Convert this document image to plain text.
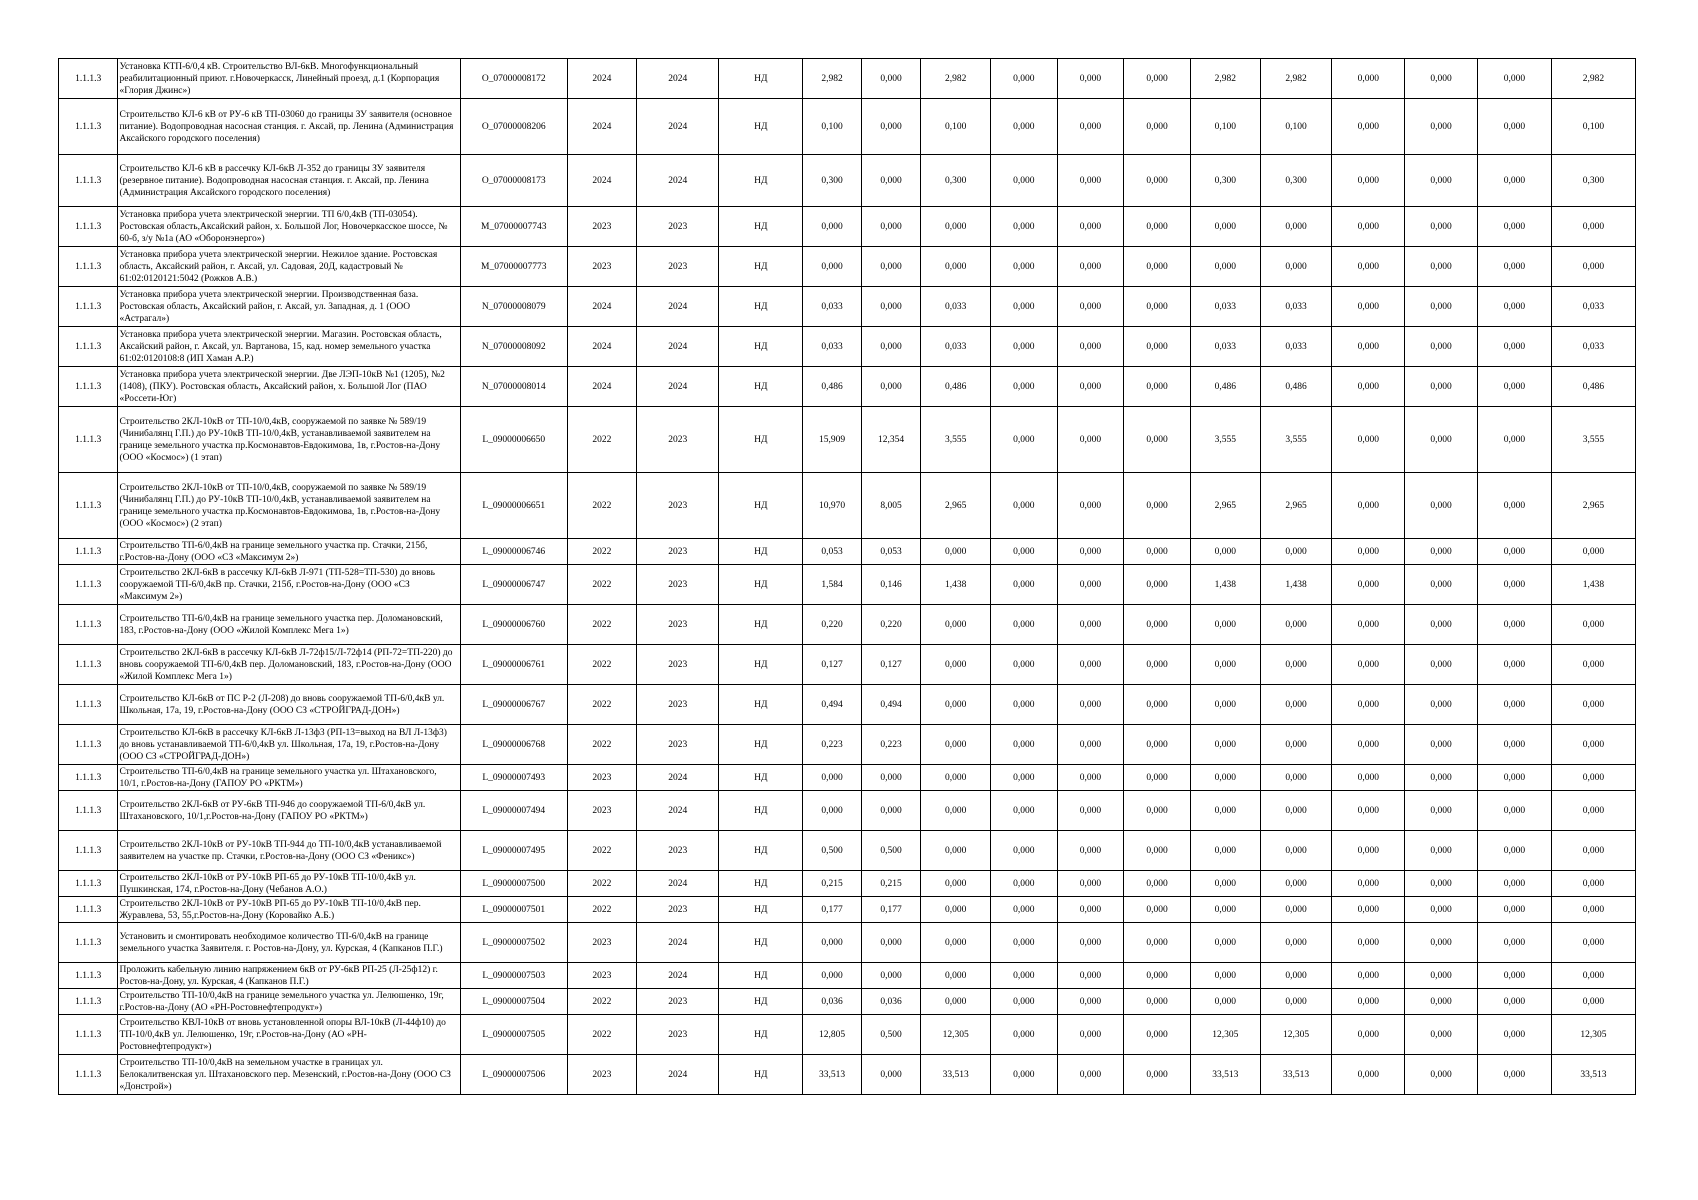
1.1.1.3	Установка КТП-6/0,4 кВ. Строительство ВЛ-6кВ. Многофункциональный реабилитационный приют. г.Новочеркасск, Линейный проезд, д.1 (Корпорация «Глория Джинс»)	O_07000008172	2024	2024	НД	2,982	0,000	2,982	0,000	0,000	0,000	2,982	2,982	0,000	0,000	0,000	2,982
1.1.1.3	Строительство КЛ-6 кВ от РУ-6 кВ ТП-03060 до границы ЗУ заявителя (основное питание). Водопроводная насосная станция. г. Аксай, пр. Ленина (Администрация Аксайского городского поселения)	O_07000008206	2024	2024	НД	0,100	0,000	0,100	0,000	0,000	0,000	0,100	0,100	0,000	0,000	0,000	0,100
1.1.1.3	Строительство КЛ-6 кВ в рассечку КЛ-6кВ Л-352 до границы ЗУ заявителя (резервное питание). Водопроводная насосная станция. г. Аксай, пр. Ленина (Администрация Аксайского городского поселения)	O_07000008173	2024	2024	НД	0,300	0,000	0,300	0,000	0,000	0,000	0,300	0,300	0,000	0,000	0,000	0,300
1.1.1.3	Установка прибора учета электрической энергии. ТП 6/0,4кВ (ТП-03054). Ростовская область,Аксайский район, х. Большой Лог, Новочеркасское шоссе, № 60-б, з/у №1а (АО «Оборонэнерго»)	M_07000007743	2023	2023	НД	0,000	0,000	0,000	0,000	0,000	0,000	0,000	0,000	0,000	0,000	0,000	0,000
1.1.1.3	Установка прибора учета электрической энергии. Нежилое здание. Ростовская область, Аксайский район, г. Аксай, ул. Садовая, 20Д, кадастровый № 61:02:0120121:5042 (Рожков А.В.)	M_07000007773	2023	2023	НД	0,000	0,000	0,000	0,000	0,000	0,000	0,000	0,000	0,000	0,000	0,000	0,000
1.1.1.3	Установка прибора учета электрической энергии. Производственная база. Ростовская область, Аксайский район, г. Аксай, ул. Западная, д. 1 (ООО «Астрагал»)	N_07000008079	2024	2024	НД	0,033	0,000	0,033	0,000	0,000	0,000	0,033	0,033	0,000	0,000	0,000	0,033
1.1.1.3	Установка прибора учета электрической энергии. Магазин. Ростовская область, Аксайский район, г. Аксай, ул. Вартанова, 15, кад. номер земельного участка 61:02:0120108:8 (ИП Хаман А.Р.)	N_07000008092	2024	2024	НД	0,033	0,000	0,033	0,000	0,000	0,000	0,033	0,033	0,000	0,000	0,000	0,033
1.1.1.3	Установка прибора учета электрической энергии. Две ЛЭП-10кВ №1 (1205), №2 (1408), (ПКУ). Ростовская область, Аксайский район, х. Большой Лог (ПАО «Россети-Юг)	N_07000008014	2024	2024	НД	0,486	0,000	0,486	0,000	0,000	0,000	0,486	0,486	0,000	0,000	0,000	0,486
1.1.1.3	Строительство 2КЛ-10кВ от ТП-10/0,4кВ, сооружаемой по заявке № 589/19 (Чинибалянц Г.П.) до РУ-10кВ ТП-10/0,4кВ, устанавливаемой заявителем на границе земельного участка пр.Космонавтов-Евдокимова, 1в, г.Ростов-на-Дону (ООО «Космос») (1 этап)	L_09000006650	2022	2023	НД	15,909	12,354	3,555	0,000	0,000	0,000	3,555	3,555	0,000	0,000	0,000	3,555
1.1.1.3	Строительство 2КЛ-10кВ от ТП-10/0,4кВ, сооружаемой по заявке № 589/19 (Чинибалянц Г.П.) до РУ-10кВ ТП-10/0,4кВ, устанавливаемой заявителем на границе земельного участка пр.Космонавтов-Евдокимова, 1в, г.Ростов-на-Дону (ООО «Космос») (2 этап)	L_09000006651	2022	2023	НД	10,970	8,005	2,965	0,000	0,000	0,000	2,965	2,965	0,000	0,000	0,000	2,965
1.1.1.3	Строительство ТП-6/0,4кВ на границе земельного участка пр. Стачки, 215б, г.Ростов-на-Дону (ООО «СЗ «Максимум 2»)	L_09000006746	2022	2023	НД	0,053	0,053	0,000	0,000	0,000	0,000	0,000	0,000	0,000	0,000	0,000	0,000
1.1.1.3	Строительство 2КЛ-6кВ в рассечку КЛ-6кВ Л-971 (ТП-528=ТП-530) до вновь сооружаемой ТП-6/0,4кВ пр. Стачки, 215б, г.Ростов-на-Дону (ООО «СЗ «Максимум 2»)	L_09000006747	2022	2023	НД	1,584	0,146	1,438	0,000	0,000	0,000	1,438	1,438	0,000	0,000	0,000	1,438
1.1.1.3	Строительство ТП-6/0,4кВ на границе земельного участка пер. Доломановский, 183, г.Ростов-на-Дону (ООО «Жилой Комплекс Мега 1»)	L_09000006760	2022	2023	НД	0,220	0,220	0,000	0,000	0,000	0,000	0,000	0,000	0,000	0,000	0,000	0,000
1.1.1.3	Строительство 2КЛ-6кВ в рассечку КЛ-6кВ Л-72ф15/Л-72ф14 (РП-72=ТП-220) до вновь сооружаемой ТП-6/0,4кВ пер. Доломановский, 183, г.Ростов-на-Дону (ООО «Жилой Комплекс Мега 1»)	L_09000006761	2022	2023	НД	0,127	0,127	0,000	0,000	0,000	0,000	0,000	0,000	0,000	0,000	0,000	0,000
1.1.1.3	Строительство КЛ-6кВ от ПС Р-2 (Л-208) до вновь сооружаемой ТП-6/0,4кВ ул. Школьная, 17а, 19, г.Ростов-на-Дону (ООО СЗ «СТРОЙГРАД-ДОН»)	L_09000006767	2022	2023	НД	0,494	0,494	0,000	0,000	0,000	0,000	0,000	0,000	0,000	0,000	0,000	0,000
1.1.1.3	Строительство КЛ-6кВ в рассечку КЛ-6кВ Л-13ф3 (РП-13=выход на ВЛ Л-13ф3) до вновь устанавливаемой ТП-6/0,4кВ ул. Школьная, 17а, 19, г.Ростов-на-Дону (ООО СЗ «СТРОЙГРАД-ДОН»)	L_09000006768	2022	2023	НД	0,223	0,223	0,000	0,000	0,000	0,000	0,000	0,000	0,000	0,000	0,000	0,000
1.1.1.3	Строительство ТП-6/0,4кВ на границе земельного участка ул. Штахановского, 10/1, г.Ростов-на-Дону (ГАПОУ РО «РКТМ»)	L_09000007493	2023	2024	НД	0,000	0,000	0,000	0,000	0,000	0,000	0,000	0,000	0,000	0,000	0,000	0,000
1.1.1.3	Строительство 2КЛ-6кВ от РУ-6кВ ТП-946 до сооружаемой ТП-6/0,4кВ ул. Штахановского, 10/1,г.Ростов-на-Дону (ГАПОУ РО «РКТМ»)	L_09000007494	2023	2024	НД	0,000	0,000	0,000	0,000	0,000	0,000	0,000	0,000	0,000	0,000	0,000	0,000
1.1.1.3	Строительство 2КЛ-10кВ от РУ-10кВ ТП-944 до ТП-10/0,4кВ устанавливаемой заявителем на участке пр. Стачки, г.Ростов-на-Дону (ООО СЗ «Феникс»)	L_09000007495	2022	2023	НД	0,500	0,500	0,000	0,000	0,000	0,000	0,000	0,000	0,000	0,000	0,000	0,000
1.1.1.3	Строительство 2КЛ-10кВ от РУ-10кВ РП-65 до РУ-10кВ ТП-10/0,4кВ ул. Пушкинская, 174, г.Ростов-на-Дону (Чебанов А.О.)	L_09000007500	2022	2024	НД	0,215	0,215	0,000	0,000	0,000	0,000	0,000	0,000	0,000	0,000	0,000	0,000
1.1.1.3	Строительство 2КЛ-10кВ от РУ-10кВ РП-65 до РУ-10кВ ТП-10/0,4кВ пер. Журавлева, 53, 55,г.Ростов-на-Дону (Коровайко А.Б.)	L_09000007501	2022	2023	НД	0,177	0,177	0,000	0,000	0,000	0,000	0,000	0,000	0,000	0,000	0,000	0,000
1.1.1.3	Установить и смонтировать необходимое количество ТП-6/0,4кВ на границе земельного участка Заявителя. г. Ростов-на-Дону, ул. Курская, 4 (Капканов П.Г.)	L_09000007502	2023	2024	НД	0,000	0,000	0,000	0,000	0,000	0,000	0,000	0,000	0,000	0,000	0,000	0,000
1.1.1.3	Проложить кабельную линию напряжением 6кВ от РУ-6кВ РП-25 (Л-25ф12) г. Ростов-на-Дону, ул. Курская, 4 (Капканов П.Г.)	L_09000007503	2023	2024	НД	0,000	0,000	0,000	0,000	0,000	0,000	0,000	0,000	0,000	0,000	0,000	0,000
1.1.1.3	Строительство ТП-10/0,4кВ на границе земельного участка ул. Лелюшенко, 19г, г.Ростов-на-Дону (АО «РН-Ростовнефтепродукт»)	L_09000007504	2022	2023	НД	0,036	0,036	0,000	0,000	0,000	0,000	0,000	0,000	0,000	0,000	0,000	0,000
1.1.1.3	Строительство КВЛ-10кВ от вновь установленной опоры ВЛ-10кВ (Л-44ф10) до ТП-10/0,4кВ ул. Лелюшенко, 19г, г.Ростов-на-Дону (АО «РН-Ростовнефтепродукт»)	L_09000007505	2022	2023	НД	12,805	0,500	12,305	0,000	0,000	0,000	12,305	12,305	0,000	0,000	0,000	12,305
1.1.1.3	Строительство ТП-10/0,4кВ на земельном участке в границах ул. Белокалитвенская ул. Штахановского пер. Мезенский, г.Ростов-на-Дону (ООО СЗ «Донстрой»)	L_09000007506	2023	2024	НД	33,513	0,000	33,513	0,000	0,000	0,000	33,513	33,513	0,000	0,000	0,000	33,513
